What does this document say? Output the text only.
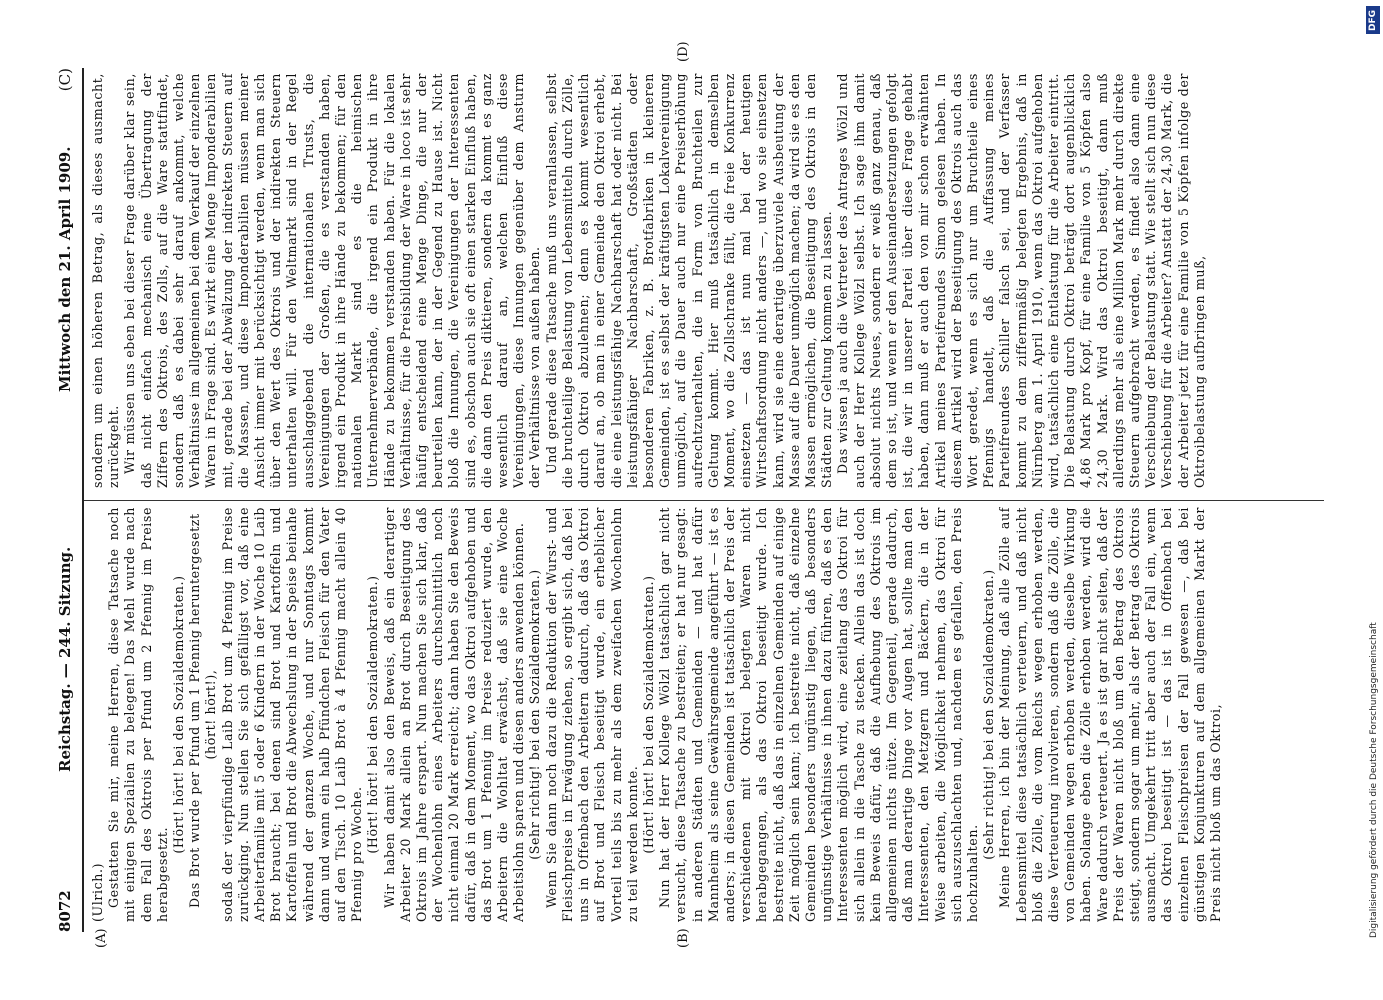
8072
Reichstag. — 244. Sitzung.
Mittwoch den 21. April 1909.
(C)
(A)	(B)
(D)

(Ulrich.) Gestatten Sie mir, meine Herren, diese Tatsache noch mit einigen Spezialien zu belegen! Das Mehl wurde nach dem Fall des Oktrois per Pfund um 2 Pfennig im Preise herabgesetzt.

(Hört! hört! bei den Sozialdemokraten.) Das Brot wurde per Pfund um 1 Pfennig heruntergesetzt (hört! hört!), sodaß der vierpfündige Laib Brot um 4 Pfennig im Preise zurückging. Nun stellen Sie sich gefälligst vor, daß eine Arbeiterfamilie mit 5 oder 6 Kindern in der Woche 10 Laib Brot braucht; bei denen sind Brot und Kartoffeln und Kartoffeln und Brot die Abwechslung in der Speise beinahe während der ganzen Woche, und nur Sonntags kommt dann und wann ein halb Pfündchen Fleisch für den Vater auf den Tisch. 10 Laib Brot à 4 Pfennig macht allein 40 Pfennig pro Woche.

(Hört! hört! bei den Sozialdemokraten.) Wir haben damit also den Beweis, daß ein derartiger Arbeiter 20 Mark allein an Brot durch Beseitigung des Oktrois im Jahre erspart. Nun machen Sie sich klar, daß der Wochenlohn eines Arbeiters durchschnittlich noch nicht einmal 20 Mark erreicht; dann haben Sie den Beweis dafür, daß in dem Moment, wo das Oktroi aufgehoben und das Brot um 1 Pfennig im Preise reduziert wurde, den Arbeitern die Wohltat erwächst, daß sie eine Woche Arbeitslohn sparen und diesen anders anwenden können. (Sehr richtig! bei den Sozialdemokraten.) Wenn Sie dann noch dazu die Reduktion der Wurst- und Fleischpreise in Erwägung ziehen, so ergibt sich, daß bei uns in Offenbach den Arbeitern dadurch, daß das Oktroi auf Brot und Fleisch beseitigt wurde, ein erheblicher Vorteil teils bis zu mehr als dem zweifachen Wochenlohn zu teil werden konnte. (Hört! hört! bei den Sozialdemokraten.) Nun hat der Herr Kollege Wölzl tatsächlich gar nicht versucht, diese Tatsache zu bestreiten; er hat nur gesagt: in anderen Städten und Gemeinden — und hat dafür Mannheim als seine Gewährsgemeinde angeführt — ist es anders; in diesen Gemeinden ist tatsächlich der Preis der verschiedenen mit Oktroi belegten Waren nicht herabgegangen, als das Oktroi beseitigt wurde. Ich bestreite nicht, daß das in einzelnen Gemeinden auf einige Zeit möglich sein kann; ich bestreite nicht, daß einzelne Gemeinden besonders ungünstig liegen, daß besonders ungünstige Verhältnisse in ihnen dazu führen, daß es den Interessenten möglich wird, eine zeitlang das Oktroi für sich allein in die Tasche zu stecken. Allein das ist doch kein Beweis dafür, daß die Aufhebung des Oktrois im allgemeinen nichts nütze. Im Gegenteil, gerade dadurch, daß man derartige Dinge vor Augen hat, sollte man den Interessenten, den Metzgern und Bäckern, die in der Weise arbeiten, die Möglichkeit nehmen, das Oktroi für sich auszuschlachten und, nachdem es gefallen, den Preis hochzuhalten.

(Sehr richtig! bei den Sozialdemokraten.) Meine Herren, ich bin der Meinung, daß alle Zölle auf Lebensmittel diese tatsächlich verteuern, und daß nicht bloß die Zölle, die vom Reichs wegen erhoben werden, diese Verteuerung involvieren, sondern daß die Zölle, die von Gemeinden wegen erhoben werden, dieselbe Wirkung haben. Solange eben die Zölle erhoben werden, wird die Ware dadurch verteuert. Ja es ist gar nicht selten, daß der Preis der Waren nicht bloß um den Betrag des Oktrois steigt, sondern sogar um mehr, als der Betrag des Oktrois ausmacht. Umgekehrt tritt aber auch der Fall ein, wenn das Oktroi beseitigt ist — das ist in Offenbach bei einzelnen Fleischpreisen der Fall gewesen —, daß bei günstigen Konjunkturen auf dem allgemeinen Markt der Preis nicht bloß um das Oktroi,

sondern um einen höheren Betrag, als dieses ausmacht, zurückgeht. Wir müssen uns eben bei dieser Frage darüber klar sein, daß nicht einfach mechanisch eine Übertragung der Ziffern des Oktrois, des Zolls, auf die Ware stattfindet, sondern daß es dabei sehr darauf ankommt, welche Verhältnisse im allgemeinen bei dem Verkauf der einzelnen Waren in Frage sind. Es wirkt eine Menge Imponderabilien mit, gerade bei der Abwälzung der indirekten Steuern auf die Massen, und diese Imponderabilien müssen meiner Ansicht immer mit berücksichtigt werden, wenn man sich über den Wert des Oktrois und der indirekten Steuern unterhalten will. Für den Weltmarkt sind in der Regel ausschlaggebend die internationalen Trusts, die Vereinigungen der Großen, die es verstanden haben, irgend ein Produkt in ihre Hände zu bekommen; für den nationalen Markt sind es die heimischen Unternehmerverbände, die irgend ein Produkt in ihre Hände zu bekommen verstanden haben. Für die lokalen Verhältnisse, für die Preisbildung der Ware in loco ist sehr häufig entscheidend eine Menge Dinge, die nur der beurteilen kann, der in der Gegend zu Hause ist. Nicht bloß die Innungen, die Vereinigungen der Interessenten sind es, obschon auch sie oft einen starken Einfluß haben, die dann den Preis diktieren, sondern da kommt es ganz wesentlich darauf an, welchen Einfluß diese Vereinigungen, diese Innungen gegenüber dem Ansturm der Verhältnisse von außen haben. Und gerade diese Tatsache muß uns veranlassen, selbst die bruchteilige Belastung von Lebensmitteln durch Zölle, durch Oktroi abzulehnen; denn es kommt wesentlich darauf an, ob man in einer Gemeinde den Oktroi erhebt, die eine leistungsfähige Nachbarschaft hat oder nicht. Bei leistungsfähiger Nachbarschaft, Großstädten oder besonderen Fabriken, z. B. Brotfabriken in kleineren Gemeinden, ist es selbst der kräftigsten Lokalvereinigung unmöglich, auf die Dauer auch nur eine Preiserhöhung aufrechtzuerhalten, die in Form von Bruchteilen zur Geltung kommt. Hier muß tatsächlich in demselben Moment, wo die Zollschranke fällt, die freie Konkurrenz einsetzen — das ist nun mal bei der heutigen Wirtschaftsordnung nicht anders —, und wo sie einsetzen kann, wird sie eine derartige überzuviele Ausbeutung der Masse auf die Dauer unmöglich machen; da wird sie es den Massen ermöglichen, die Beseitigung des Oktrois in den Städten zur Geltung kommen zu lassen. Das wissen ja auch die Vertreter des Antrages Wölzl und auch der Herr Kollege Wölzl selbst. Ich sage ihm damit absolut nichts Neues, sondern er weiß ganz genau, daß dem so ist, und wenn er den Auseinandersetzungen gefolgt ist, die wir in unserer Partei über diese Frage gehabt haben, dann muß er auch den von mir schon erwähnten Artikel meines Parteifreundes Simon gelesen haben. In diesem Artikel wird der Beseitigung des Oktrois auch das Wort geredet, wenn es sich nur um Bruchteile eines Pfennigs handelt, daß die Auffassung meines Parteifreundes Schiller falsch sei, und der Verfasser kommt zu dem ziffernmäßig belegten Ergebnis, daß in Nürnberg am 1. April 1910, wenn das Oktroi aufgehoben wird, tatsächlich eine Entlastung für die Arbeiter eintritt. Die Belastung durch Oktroi beträgt dort augenblicklich 4,86 Mark pro Kopf, für eine Familie von 5 Köpfen also 24,30 Mark. Wird das Oktroi beseitigt, dann muß allerdings mehr als eine Million Mark mehr durch direkte Steuern aufgebracht werden, es findet also dann eine Verschiebung der Belastung statt. Wie stellt sich nun diese Verschiebung für die Arbeiter? Anstatt der 24,30 Mark, die der Arbeiter jetzt für eine Familie von 5 Köpfen infolge der Oktroibelastung aufbringen muß,

DFG
Digitalisierung gefördert durch die Deutsche Forschungsgemeinschaft
